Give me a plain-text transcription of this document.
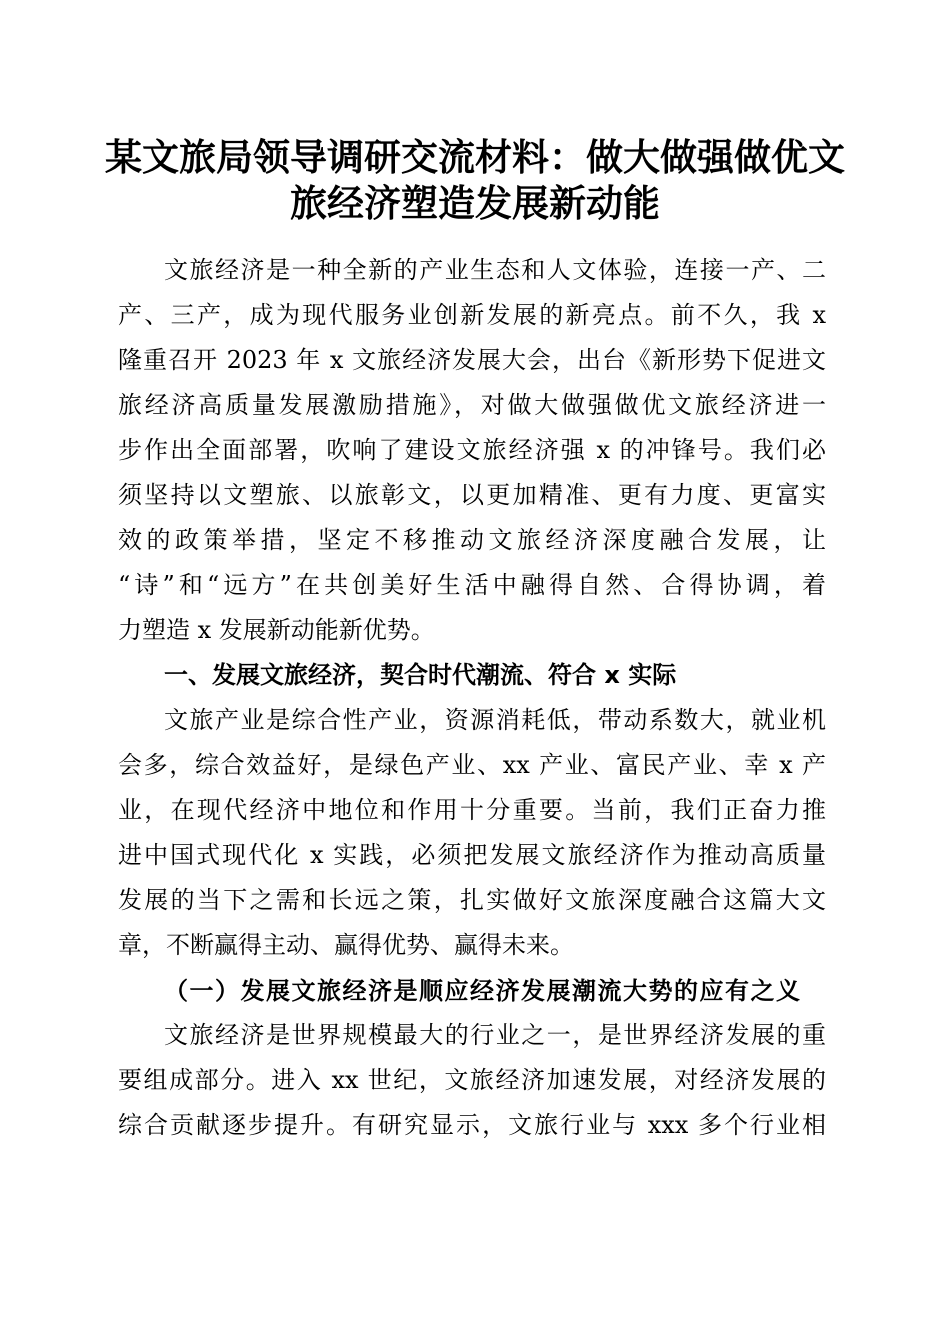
某文旅局领导调研交流材料：做大做强做优文
旅经济塑造发展新动能
文旅经济是一种全新的产业生态和人文体验，连接一产、二
产、三产，成为现代服务业创新发展的新亮点。前不久，我 x
隆重召开 2023 年 x 文旅经济发展大会，出台《新形势下促进文
旅经济高质量发展激励措施》，对做大做强做优文旅经济进一
步作出全面部署，吹响了建设文旅经济强 x 的冲锋号。我们必
须坚持以文塑旅、以旅彰文，以更加精准、更有力度、更富实
效的政策举措，坚定不移推动文旅经济深度融合发展，让
“诗”和“远方”在共创美好生活中融得自然、合得协调，着
力塑造 x 发展新动能新优势。
一、发展文旅经济，契合时代潮流、符合 x 实际
文旅产业是综合性产业，资源消耗低，带动系数大，就业机
会多，综合效益好，是绿色产业、xx 产业、富民产业、幸 x 产
业，在现代经济中地位和作用十分重要。当前，我们正奋力推
进中国式现代化 x 实践，必须把发展文旅经济作为推动高质量
发展的当下之需和长远之策，扎实做好文旅深度融合这篇大文
章，不断赢得主动、赢得优势、赢得未来。
（一）发展文旅经济是顺应经济发展潮流大势的应有之义
文旅经济是世界规模最大的行业之一，是世界经济发展的重
要组成部分。进入 xx 世纪，文旅经济加速发展，对经济发展的
综合贡献逐步提升。有研究显示，文旅行业与 xxx 多个行业相
